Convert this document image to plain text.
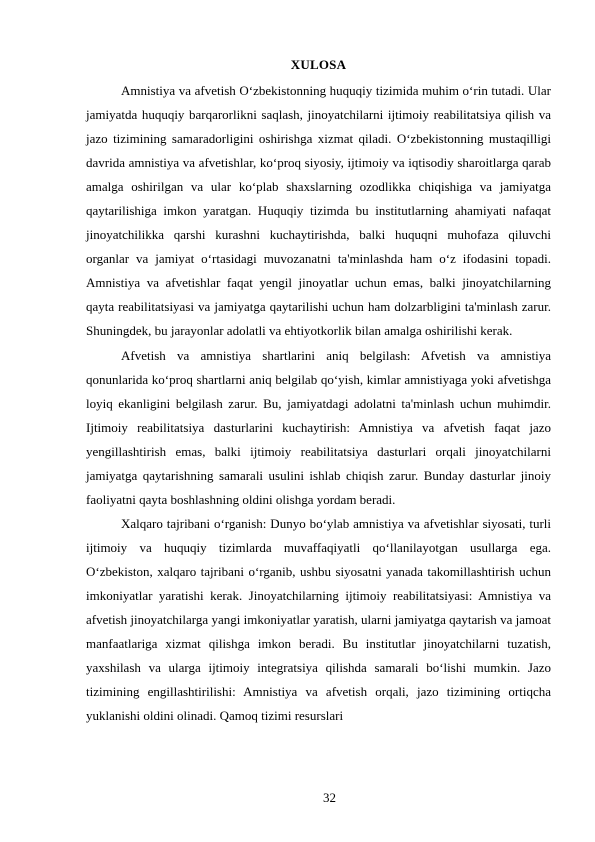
XULOSA

Amnistiya va afvetish O‘zbekistonning huquqiy tizimida muhim o‘rin tutadi. Ular jamiyatda huquqiy barqarorlikni saqlash, jinoyatchilarni ijtimoiy reabilitatsiya qilish va jazo tizimining samaradorligini oshirishga xizmat qiladi. O‘zbekistonning mustaqilligi davrida amnistiya va afvetishlar, ko‘proq siyosiy, ijtimoiy va iqtisodiy sharoitlarga qarab amalga oshirilgan va ular ko‘plab shaxslarning ozodlikka chiqishiga va jamiyatga qaytarilishiga imkon yaratgan. Huquqiy tizimda bu institutlarning ahamiyati nafaqat jinoyatchilikka qarshi kurashni kuchaytirishda, balki huquqni muhofaza qiluvchi organlar va jamiyat o‘rtasidagi muvozanatni ta'minlashda ham o‘z ifodasini topadi. Amnistiya va afvetishlar faqat yengil jinoyatlar uchun emas, balki jinoyatchilarning qayta reabilitatsiyasi va jamiyatga qaytarilishi uchun ham dolzarbligini ta'minlash zarur. Shuningdek, bu jarayonlar adolatli va ehtiyotkorlik bilan amalga oshirilishi kerak.

Afvetish va amnistiya shartlarini aniq belgilash: Afvetish va amnistiya qonunlarida ko‘proq shartlarni aniq belgilab qo‘yish, kimlar amnistiyaga yoki afvetishga loyiq ekanligini belgilash zarur. Bu, jamiyatdagi adolatni ta'minlash uchun muhimdir. Ijtimoiy reabilitatsiya dasturlarini kuchaytirish: Amnistiya va afvetish faqat jazo yengillashtirish emas, balki ijtimoiy reabilitatsiya dasturlari orqali jinoyatchilarni jamiyatga qaytarishning samarali usulini ishlab chiqish zarur. Bunday dasturlar jinoiy faoliyatni qayta boshlashning oldini olishga yordam beradi.

Xalqaro tajribani o‘rganish: Dunyo bo‘ylab amnistiya va afvetishlar siyosati, turli ijtimoiy va huquqiy tizimlarda muvaffaqiyatli qo‘llanilayotgan usullarga ega. O‘zbekiston, xalqaro tajribani o‘rganib, ushbu siyosatni yanada takomillashtirish uchun imkoniyatlar yaratishi kerak. Jinoyatchilarning ijtimoiy reabilitatsiyasi: Amnistiya va afvetish jinoyatchilarga yangi imkoniyatlar yaratish, ularni jamiyatga qaytarish va jamoat manfaatlariga xizmat qilishga imkon beradi. Bu institutlar jinoyatchilarni tuzatish, yaxshilash va ularga ijtimoiy integratsiya qilishda samarali bo‘lishi mumkin. Jazo tizimining engillashtirilishi: Amnistiya va afvetish orqali, jazo tizimining ortiqcha yuklanishi oldini olinadi. Qamoq tizimi resurslari

32
